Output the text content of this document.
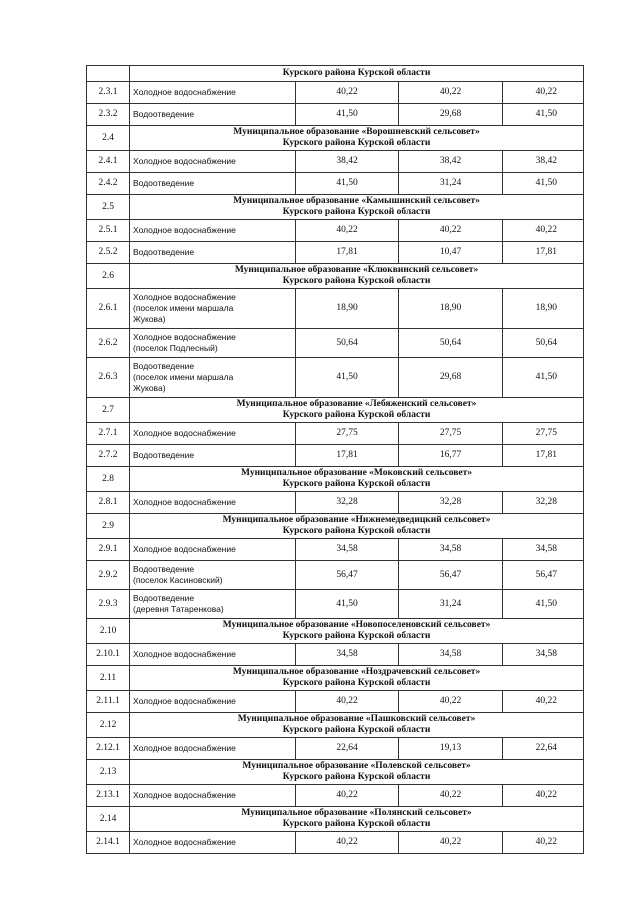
	Курского района Курской области			

2.3.1	Холодное водоснабжение	40,22	40,22	40,22
2.3.2	Водоотведение	41,50	29,68	41,50
2.4	Муниципальное образование «Ворошневский сельсовет»
Курского района Курской области			

2.4.1	Холодное водоснабжение	38,42	38,42	38,42
2.4.2	Водоотведение	41,50	31,24	41,50
2.5	Муниципальное образование «Камышинский сельсовет»
Курского района Курской области			

2.5.1	Холодное водоснабжение	40,22	40,22	40,22
2.5.2	Водоотведение	17,81	10,47	17,81
2.6	Муниципальное образование «Клюквинский сельсовет»
Курского района Курской области			

2.6.1	Холодное водоснабжение
(поселок имени маршала
Жукова)	18,90	18,90	18,90
2.6.2	Холодное водоснабжение
(поселок Подлесный)	50,64	50,64	50,64
2.6.3	Водоотведение
(поселок имени маршала
Жукова)	41,50	29,68	41,50
2.7	Муниципальное образование «Лебяженский сельсовет»
Курского района Курской области			

2.7.1	Холодное водоснабжение	27,75	27,75	27,75
2.7.2	Водоотведение	17,81	16,77	17,81
2.8	Муниципальное образование «Моковский сельсовет»
Курского района Курской области			

2.8.1	Холодное водоснабжение	32,28	32,28	32,28
2.9	Муниципальное образование «Нижнемедведицкий сельсовет»
Курского района Курской области			

2.9.1	Холодное водоснабжение	34,58	34,58	34,58
2.9.2	Водоотведение
(поселок Касиновский)	56,47	56,47	56,47
2.9.3	Водоотведение
(деревня Татаренкова)	41,50	31,24	41,50
2.10	Муниципальное образование «Новопоселеновский сельсовет»
Курского района Курской области			

2.10.1	Холодное водоснабжение	34,58	34,58	34,58
2.11	Муниципальное образование «Ноздрачевский сельсовет»
Курского района Курской области			

2.11.1	Холодное водоснабжение	40,22	40,22	40,22
2.12	Муниципальное образование «Пашковский сельсовет»
Курского района Курской области			

2.12.1	Холодное водоснабжение	22,64	19,13	22,64
2.13	Муниципальное образование «Полевской сельсовет»
Курского района Курской области			

2.13.1	Холодное водоснабжение	40,22	40,22	40,22
2.14	Муниципальное образование «Полянский сельсовет»
Курского района Курской области			

2.14.1	Холодное водоснабжение	40,22	40,22	40,22
